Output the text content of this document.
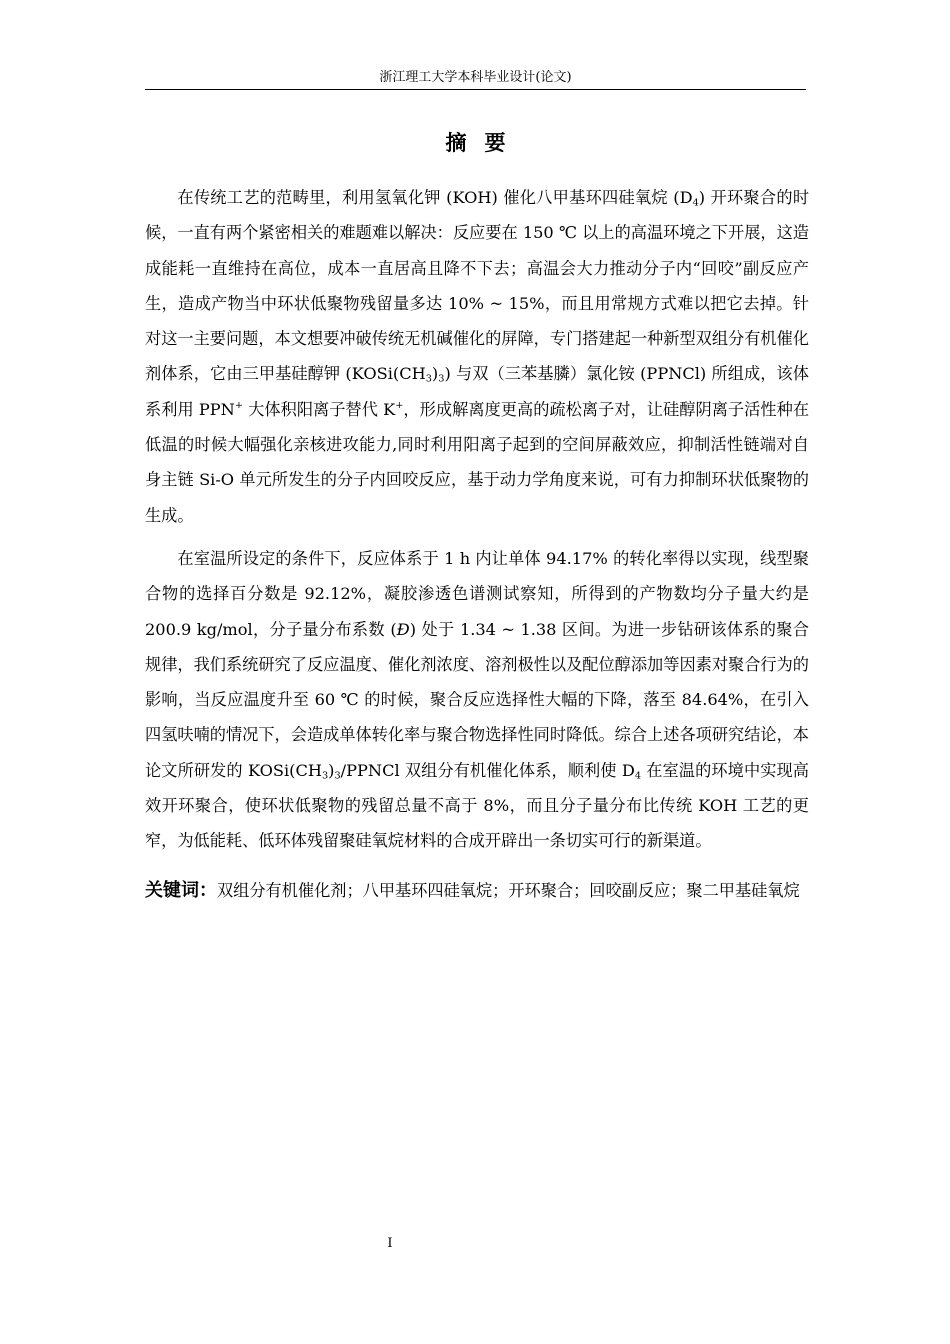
浙江理工大学本科毕业设计(论文)
摘要

在传统工艺的范畴里，利用氢氧化钾 (KOH) 催化八甲基环四硅氧烷 $(D_4)$ 开环聚合的时候，一直有两个紧密相关的难题难以解决：反应要在 150 ℃ 以上的高温环境之下开展，这造成能耗一直维持在高位，成本一直居高且降不下去；高温会大力推动分子内“回咬”副反应产生，造成产物当中环状低聚物残留量多达 10% ~ 15%，而且用常规方式难以把它去掉。针对这一主要问题，本文想要冲破传统无机碱催化的屏障，专门搭建起一种新型双组分有机催化剂体系，它由三甲基硅醇钾 $(KOSi(CH_3)_3)$ 与双（三苯基膦）氯化铵 (PPNCl) 所组成，该体系利用 PPN+ 大体积阳离子替代 K+，形成解离度更高的疏松离子对，让硅醇阴离子活性种在低温的时候大幅强化亲核进攻能力,同时利用阳离子起到的空间屏蔽效应，抑制活性链端对自身主链 Si-O 单元所发生的分子内回咬反应，基于动力学角度来说，可有力抑制环状低聚物的生成。

在室温所设定的条件下，反应体系于 1 h 内让单体 94.17% 的转化率得以实现，线型聚合物的选择百分数是 92.12%，凝胶渗透色谱测试察知，所得到的产物数均分子量大约是 200.9 kg/mol，分子量分布系数 (Đ) 处于 1.34 ~ 1.38 区间。为进一步钻研该体系的聚合规律，我们系统研究了反应温度、催化剂浓度、溶剂极性以及配位醇添加等因素对聚合行为的影响，当反应温度升至 60 ℃ 的时候，聚合反应选择性大幅的下降，落至 84.64%，在引入四氢呋喃的情况下，会造成单体转化率与聚合物选择性同时降低。综合上述各项研究结论，本论文所研发的 $KOSi(CH_3)_3$/PPNCl 双组分有机催化体系，顺利使 $D_4$ 在室温的环境中实现高效开环聚合，使环状低聚物的残留总量不高于 8%，而且分子量分布比传统 KOH 工艺的更窄，为低能耗、低环体残留聚硅氧烷材料的合成开辟出一条切实可行的新渠道。

关键词：双组分有机催化剂；八甲基环四硅氧烷；开环聚合；回咬副反应；聚二甲基硅氧烷
I
